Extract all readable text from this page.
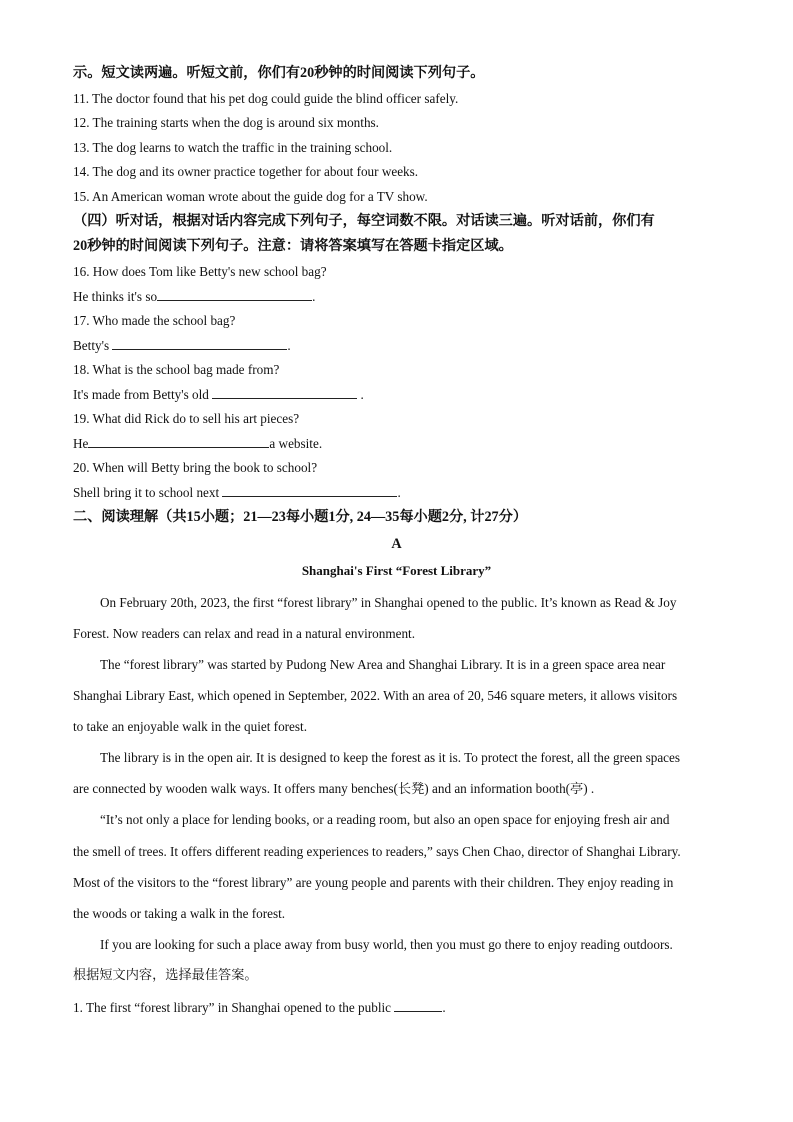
示。短文读两遍。听短文前，你们有20秒钟的时间阅读下列句子。
11. The doctor found that his pet dog could guide the blind officer safely.
12. The training starts when the dog is around six months.
13. The dog learns to watch the traffic in the training school.
14. The dog and its owner practice together for about four weeks.
15. An American woman wrote about the guide dog for a TV show.
（四）听对话，根据对话内容完成下列句子，每空词数不限。对话读三遍。听对话前，你们有
20秒钟的时间阅读下列句子。注意：请将答案填写在答题卡指定区域。
16. How does Tom like Betty's new school bag?
He thinks it's so	.
17. Who made the school bag?
Betty's	.
18. What is the school bag made from?
It's made from Betty's old	.
19. What did Rick do to sell his art pieces?
He	a website.
20. When will Betty bring the book to school?
Shell bring it to school next	.
二、阅读理解（共15小题；21—23每小题1分, 24—35每小题2分, 计27分）
A
Shanghai's First “Forest Library”
On February 20th, 2023, the first “forest library” in Shanghai opened to the public. It’s known as Read & Joy
Forest. Now readers can relax and read in a natural environment.
The “forest library” was started by Pudong New Area and Shanghai Library. It is in a green space area near
Shanghai Library East, which opened in September, 2022. With an area of 20, 546 square meters, it allows visitors
to take an enjoyable walk in the quiet forest.
The library is in the open air. It is designed to keep the forest as it is. To protect the forest, all the green spaces
are connected by wooden walk ways. It offers many benches(长凳) and an information booth(亭) .
“It’s not only a place for lending books, or a reading room, but also an open space for enjoying fresh air and
the smell of trees. It offers different reading experiences to readers,” says Chen Chao, director of Shanghai Library.
Most of the visitors to the “forest library” are young people and parents with their children. They enjoy reading in
the woods or taking a walk in the forest.
If you are looking for such a place away from busy world, then you must go there to enjoy reading outdoors.
根据短文内容，选择最佳答案。
1. The first “forest library” in Shanghai opened to the public	.
